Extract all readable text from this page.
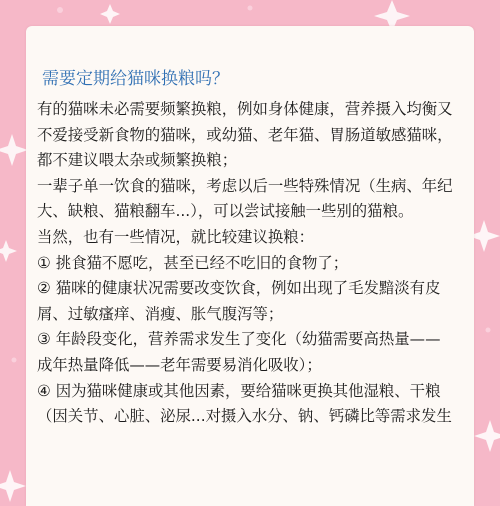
需要定期给猫咪换粮吗？
有的猫咪未必需要频繁换粮，例如身体健康，营养摄入均衡又
不爱接受新食物的猫咪，或幼猫、老年猫、胃肠道敏感猫咪，
都不建议喂太杂或频繁换粮；
一辈子单一饮食的猫咪，考虑以后一些特殊情况（生病、年纪
大、缺粮、猫粮翻车...），可以尝试接触一些别的猫粮。
当然，也有一些情况，就比较建议换粮：
① 挑食猫不愿吃，甚至已经不吃旧的食物了；
② 猫咪的健康状况需要改变饮食，例如出现了毛发黯淡有皮
屑、过敏瘙痒、消瘦、胀气腹泻等；
③ 年龄段变化，营养需求发生了变化（幼猫需要高热量——
成年热量降低——老年需要易消化吸收）；
④ 因为猫咪健康或其他因素，要给猫咪更换其他湿粮、干粮
（因关节、心脏、泌尿...对摄入水分、钠、钙磷比等需求发生
